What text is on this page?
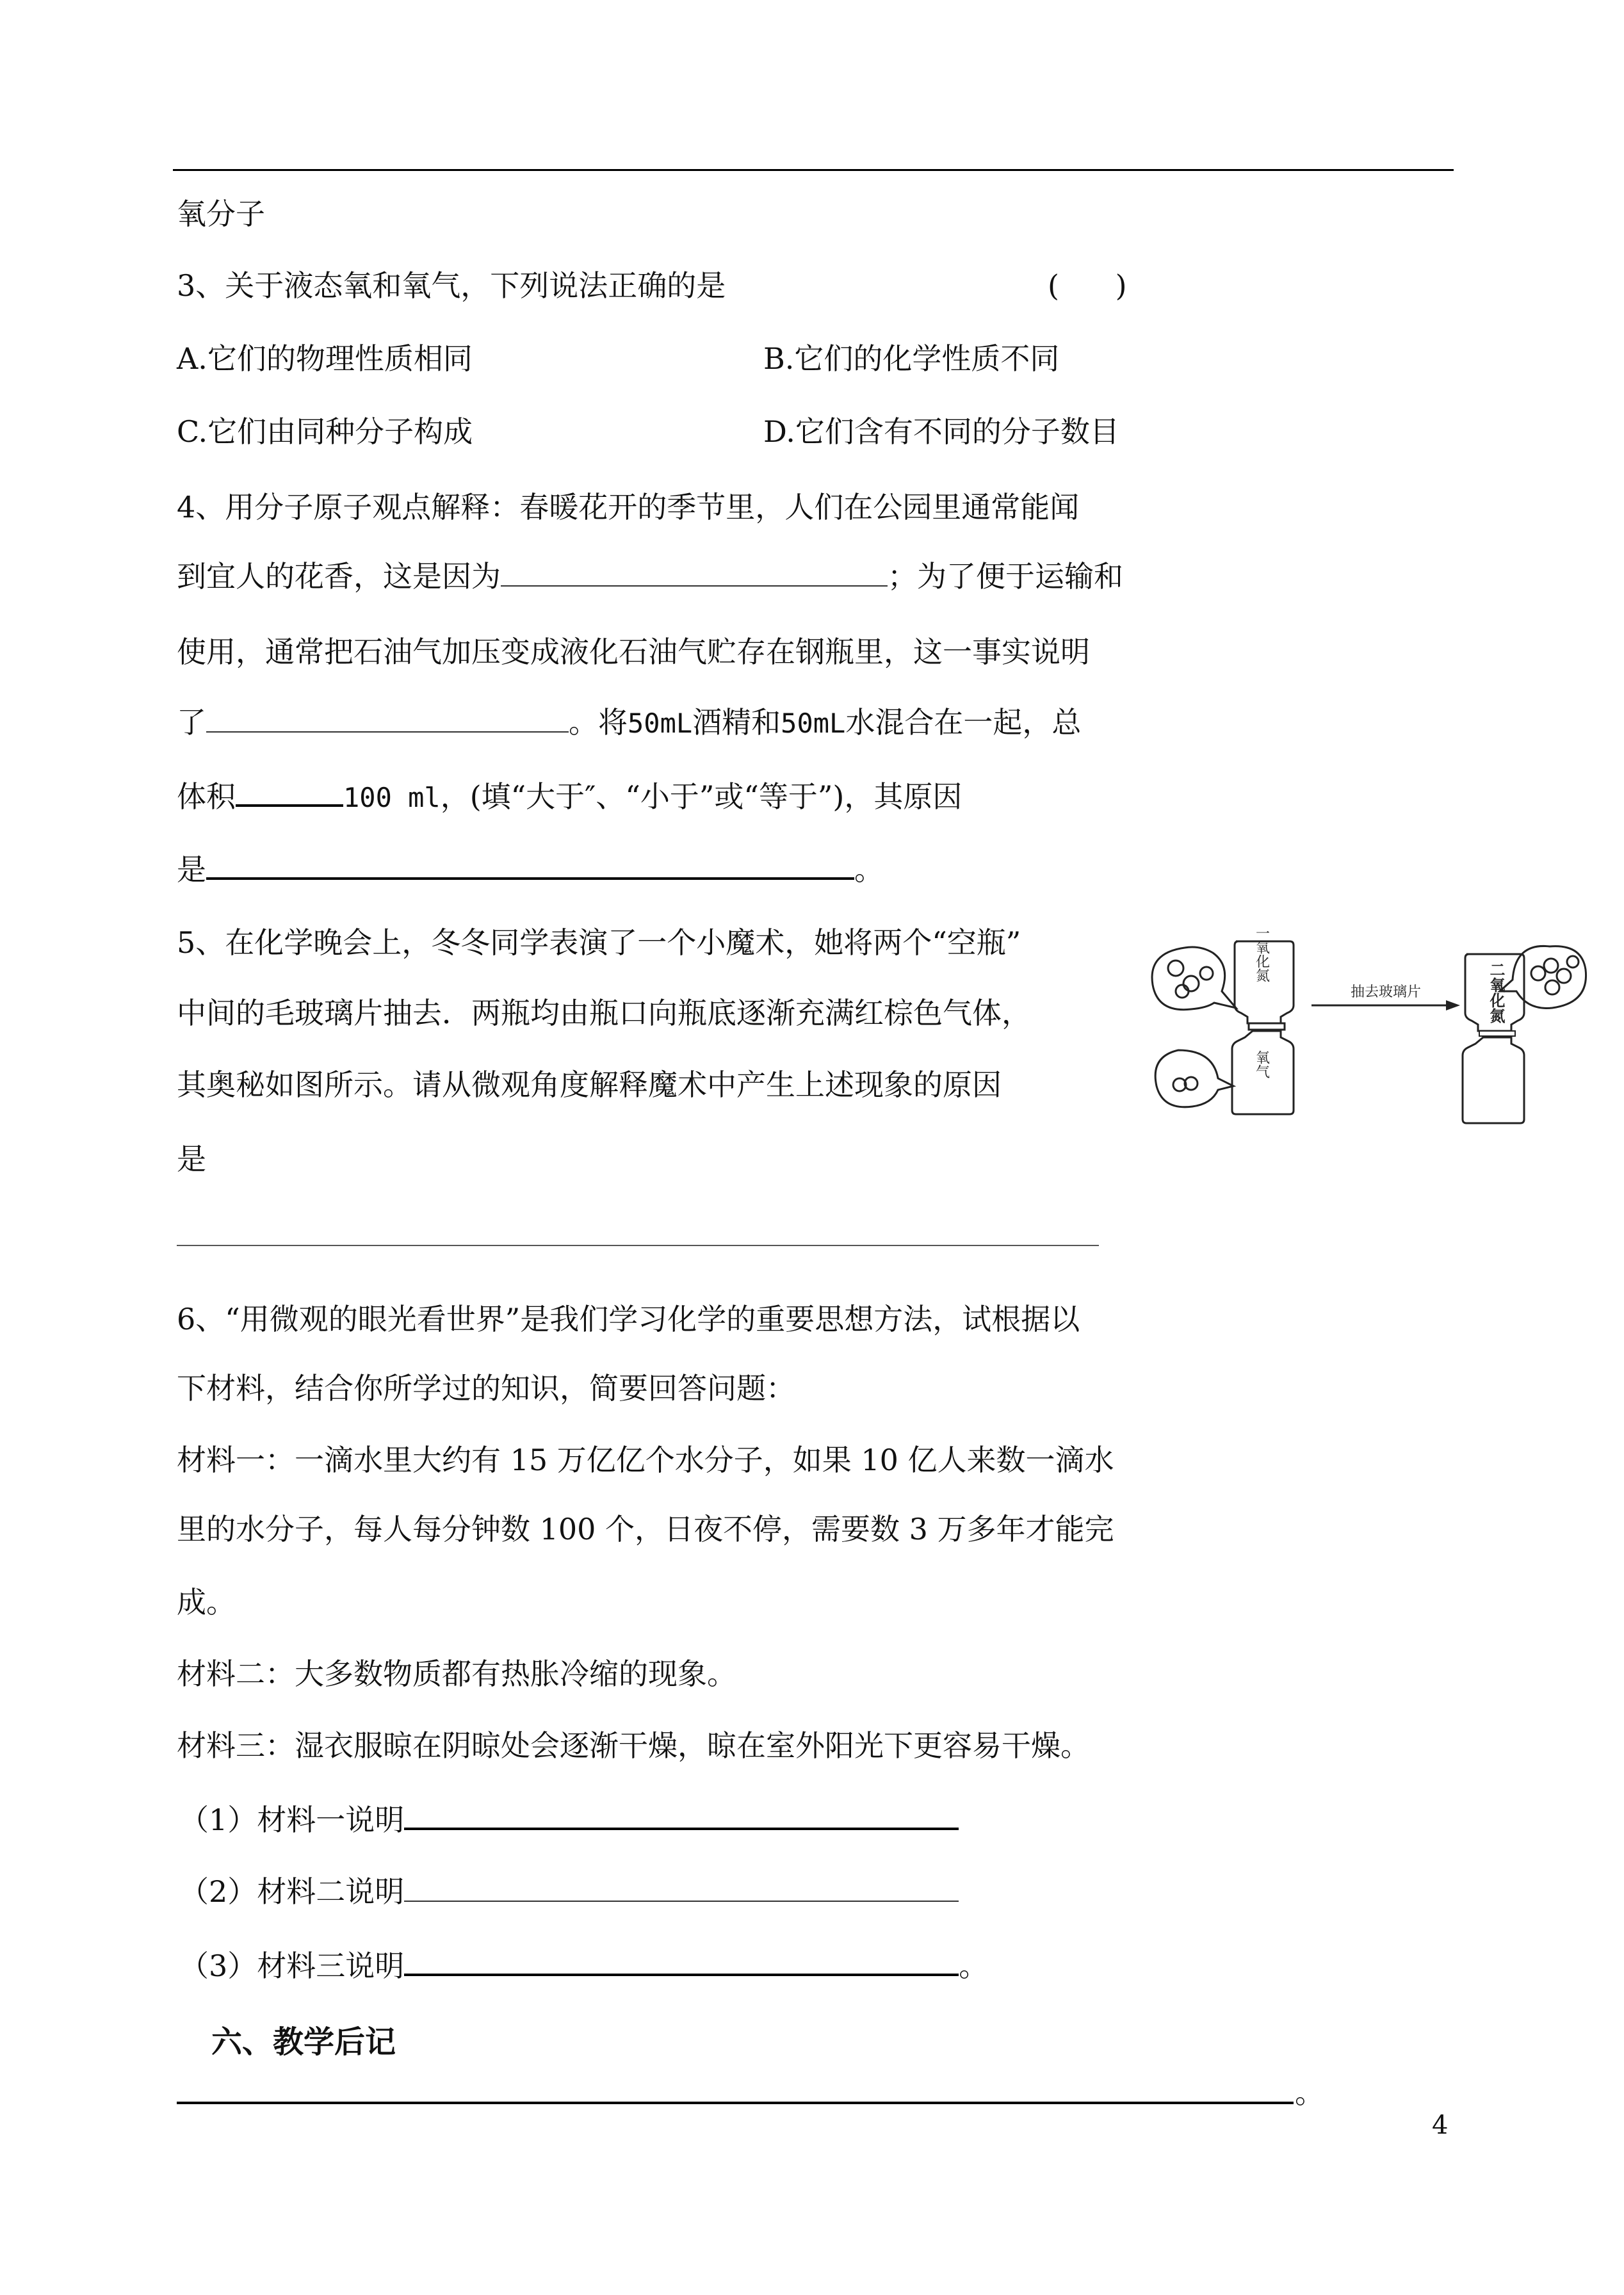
氧分子
3、关于液态氧和氧气，下列说法正确的是	(      )
A.它们的物理性质相同	B.它们的化学性质不同
C.它们由同种分子构成	D.它们含有不同的分子数目
4、用分子原子观点解释：春暖花开的季节里，人们在公园里通常能闻
到宜人的花香，这是因为	；为了便于运输和
使用，通常把石油气加压变成液化石油气贮存在钢瓶里，这一事实说明
了	。将50mL酒精和50mL水混合在一起，总
体积	100 ml，(填“大于″、“小于”或“等于”)，其原因
是	。
5、在化学晚会上，冬冬同学表演了一个小魔术，她将两个“空瓶”
中间的毛玻璃片抽去．两瓶均由瓶口向瓶底逐渐充满红棕色气体，
其奥秘如图所示。请从微观角度解释魔术中产生上述现象的原因
是
一氧化氮
氧气
抽去玻璃片	二氧化氮
6、“用微观的眼光看世界”是我们学习化学的重要思想方法，试根据以
下材料，结合你所学过的知识，简要回答问题：
材料一：一滴水里大约有 15 万亿亿个水分子，如果 10 亿人来数一滴水
里的水分子，每人每分钟数 100 个，日夜不停，需要数 3 万多年才能完
成。
材料二：大多数物质都有热胀冷缩的现象。
材料三：湿衣服晾在阴晾处会逐渐干燥，晾在室外阳光下更容易干燥。
（1）材料一说明
（2）材料二说明
（3）材料三说明	。
六、教学后记
。
4
